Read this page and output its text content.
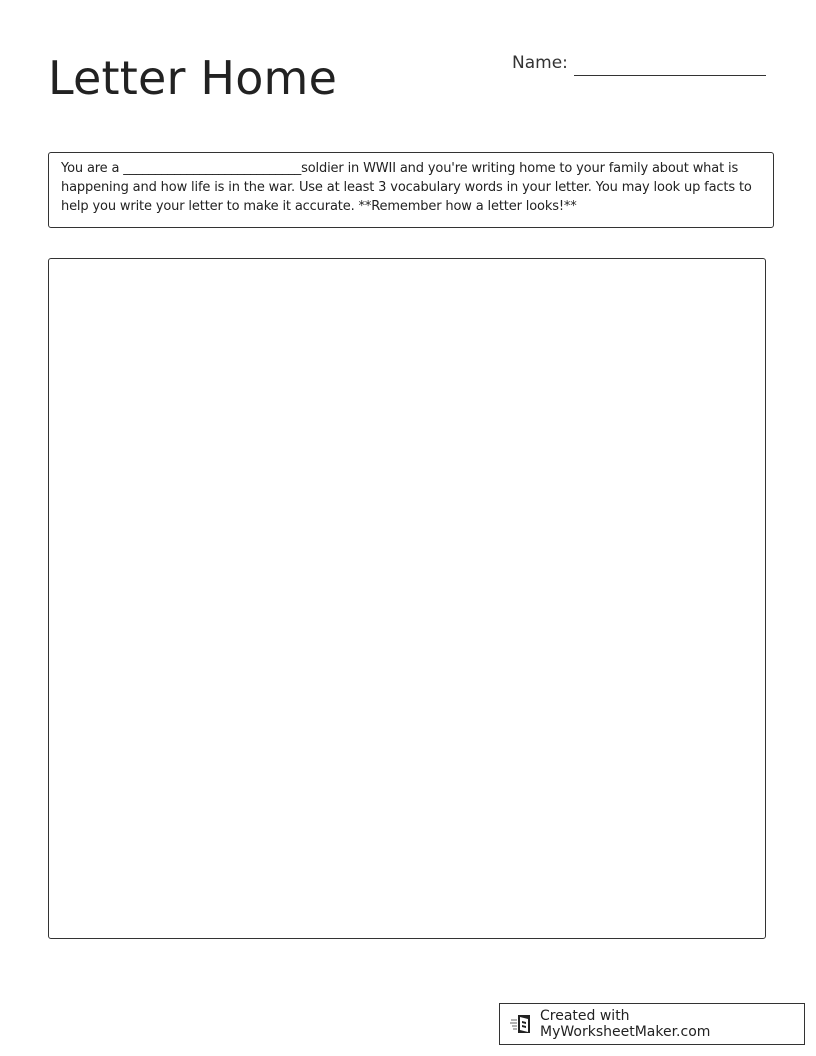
Letter Home	Name:

You are a ____________________________soldier in WWII and you're writing home to your family about what is happening and how life is in the war. Use at least 3 vocabulary words in your letter. You may look up facts to help you write your letter to make it accurate. **Remember how a letter looks!**

Created with MyWorksheetMaker.com
